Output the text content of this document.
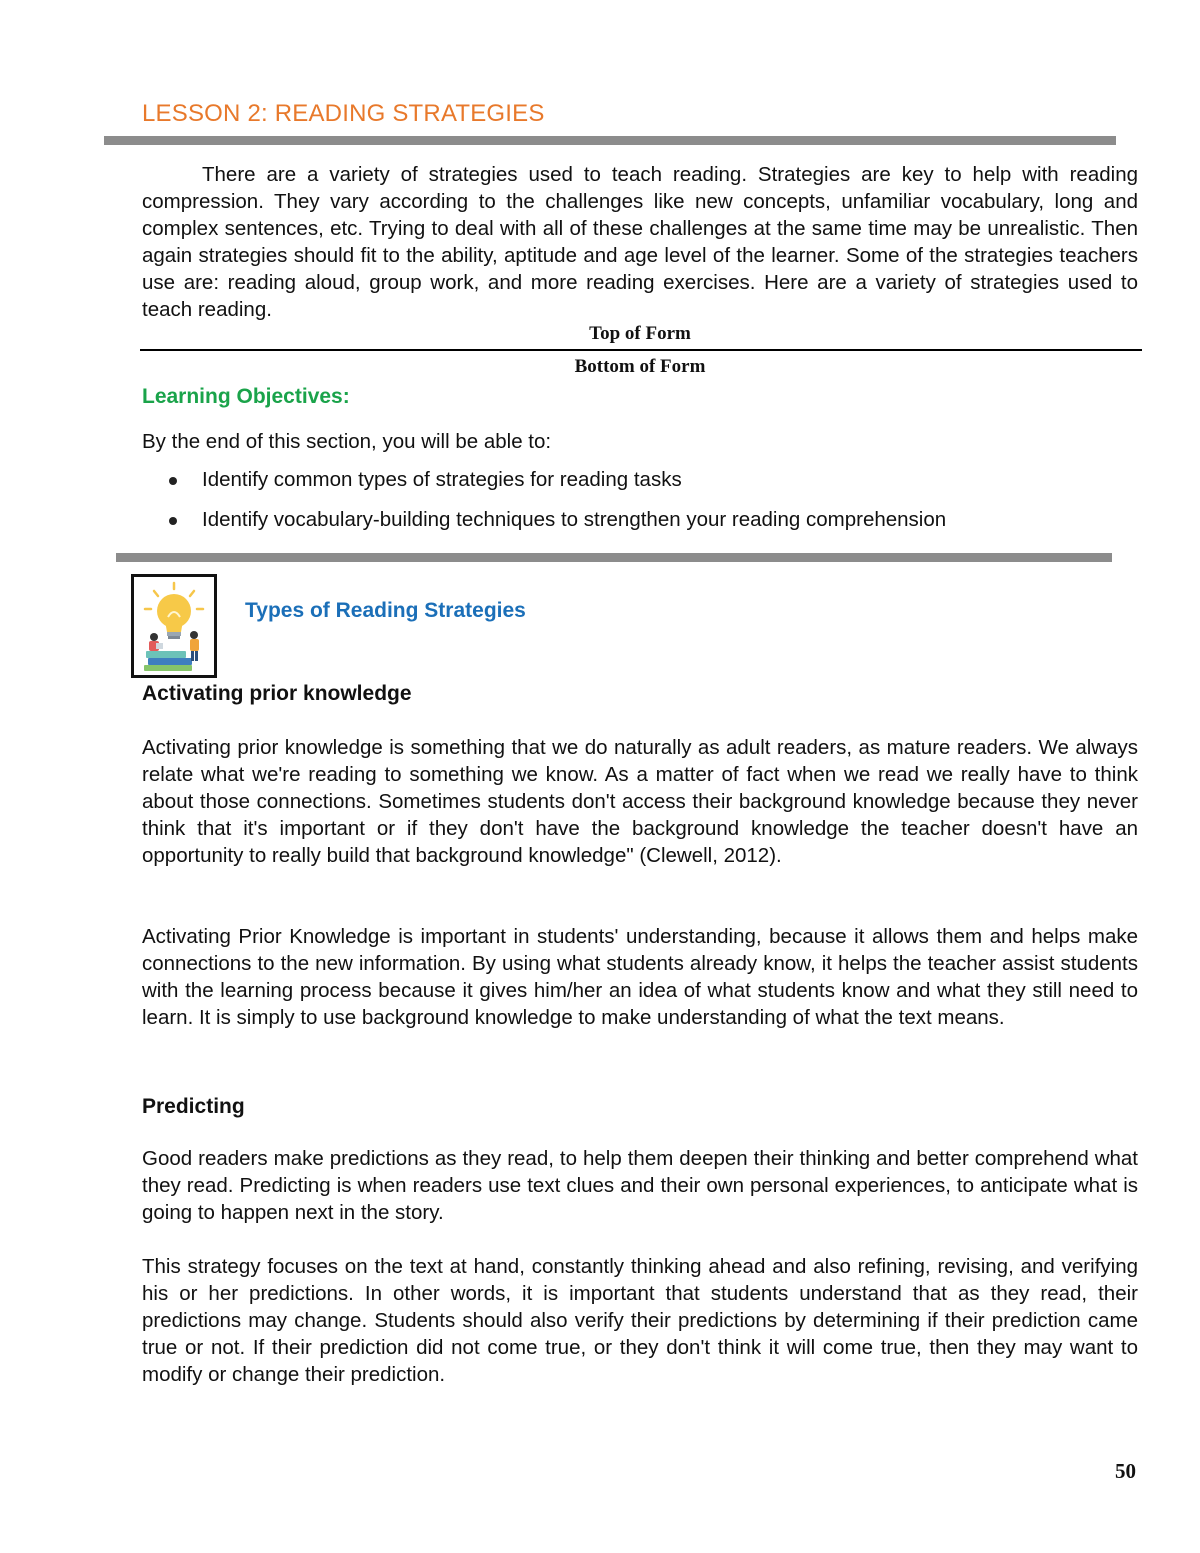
LESSON 2: READING STRATEGIES

There are a variety of strategies used to teach reading. Strategies are key to help with reading compression. They vary according to the challenges like new concepts, unfamiliar vocabulary, long and complex sentences, etc. Trying to deal with all of these challenges at the same time may be unrealistic. Then again strategies should fit to the ability, aptitude and age level of the learner. Some of the strategies teachers use are: reading aloud, group work, and more reading exercises. Here are a variety of strategies used to teach reading.

Top of Form
Bottom of Form
Learning Objectives:
By the end of this section, you will be able to:
Identify common types of strategies for reading tasks
Identify vocabulary-building techniques to strengthen your reading comprehension
Types of Reading Strategies
Activating prior knowledge

Activating prior knowledge is something that we do naturally as adult readers, as mature readers. We always relate what we're reading to something we know. As a matter of fact when we read we really have to think about those connections. Sometimes students don't access their background knowledge because they never think that it's important or if they don't have the background knowledge the teacher doesn't have an opportunity to really build that background knowledge" (Clewell, 2012).

Activating Prior Knowledge is important in students' understanding, because it allows them and helps make connections to the new information. By using what students already know, it helps the teacher assist students with the learning process because it gives him/her an idea of what students know and what they still need to learn. It is simply to use background knowledge to make understanding of what the text means.

Predicting

Good readers make predictions as they read, to help them deepen their thinking and better comprehend what they read. Predicting is when readers use text clues and their own personal experiences, to anticipate what is going to happen next in the story.

This strategy focuses on the text at hand, constantly thinking ahead and also refining, revising, and verifying his or her predictions. In other words, it is important that students understand that as they read, their predictions may change. Students should also verify their predictions by determining if their prediction came true or not. If their prediction did not come true, or they don't think it will come true, then they may want to modify or change their prediction.

50
